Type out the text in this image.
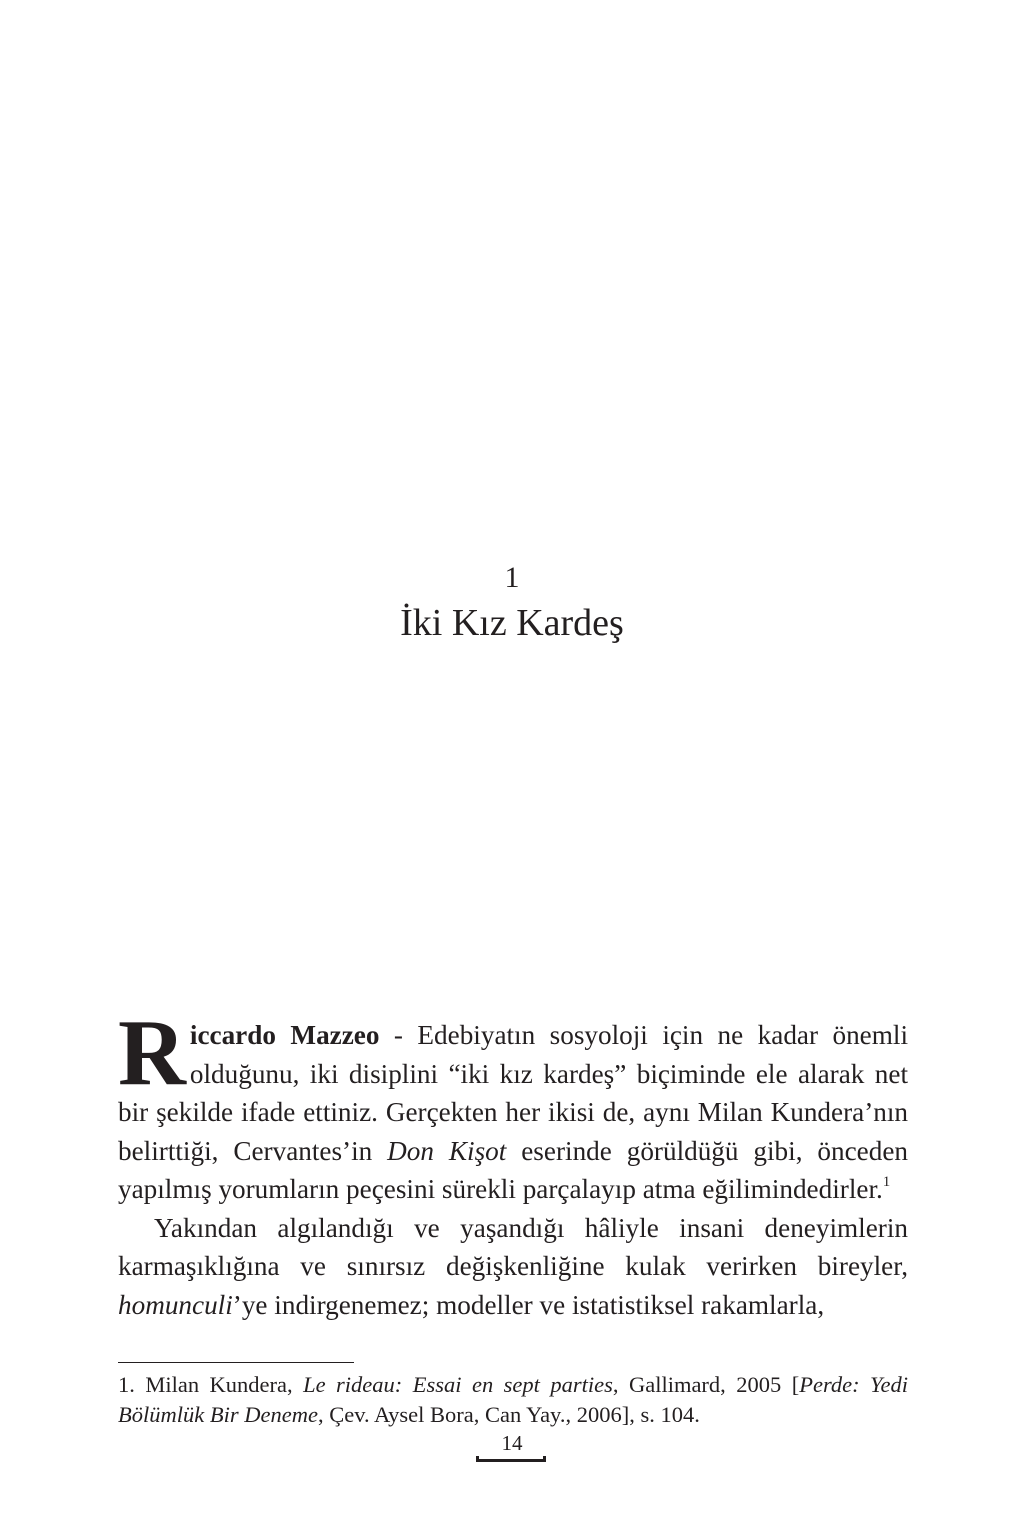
1
İki Kız Kardeş

Riccardo Mazzeo - Edebiyatın sosyoloji için ne kadar önemli olduğunu, iki disiplini “iki kız kardeş” biçiminde ele alarak net bir şekilde ifade ettiniz. Gerçekten her ikisi de, aynı Milan Kundera’nın belirttiği, Cervantes’in Don Kişot eserinde görüldüğü gibi, önceden yapılmış yorumların peçesini sürekli parçalayıp atma eğilimindedirler.$^1$

Yakından algılandığı ve yaşandığı hâliyle insani deneyimlerin karmaşıklığına ve sınırsız değişkenliğine kulak verirken bireyler, homunculi’ye indirgenemez; modeller ve istatistiksel rakamlarla,

1. Milan Kundera, Le rideau: Essai en sept parties, Gallimard, 2005 [Perde: Yedi Bölümlük Bir Deneme, Çev. Aysel Bora, Can Yay., 2006], s. 104.
14
